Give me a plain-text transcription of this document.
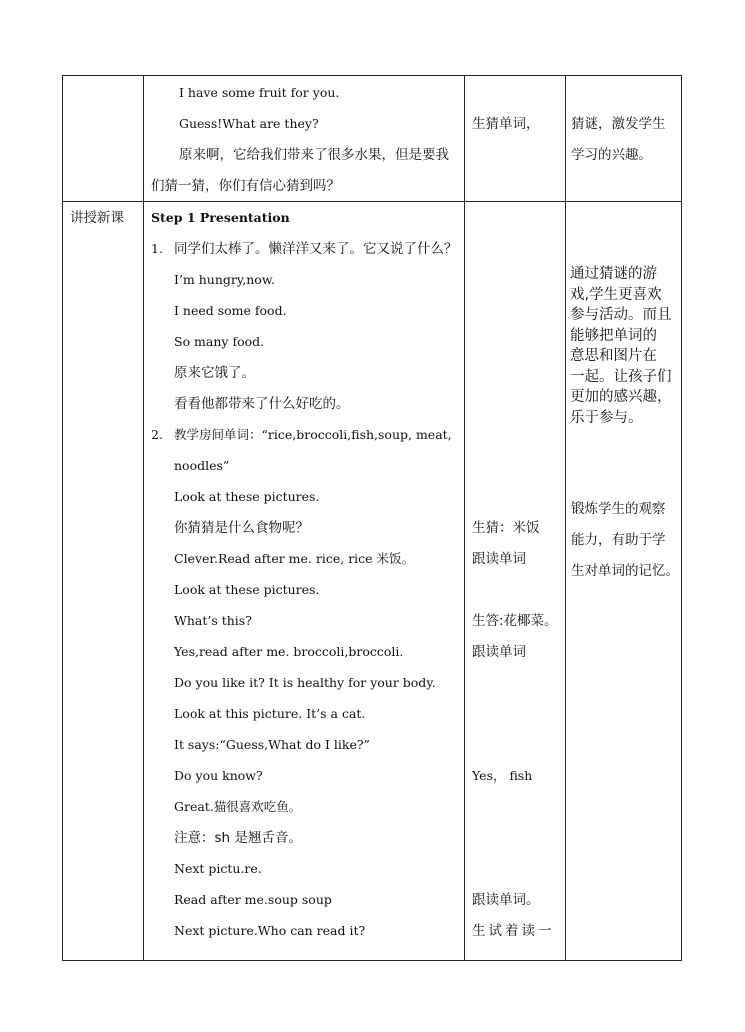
I have some fruit for you.
Guess!What are they?
原来啊，它给我们带来了很多水果，但是要我
们猜一猜，你们有信心猜到吗？
生猜单词， 猜谜，激发学生
学习的兴趣。
讲授新课 Step 1 Presentation
1. 同学们太棒了。懒洋洋又来了。它又说了什么？
I’m hungry,now.
I need some food.
So many food.
原来它饿了。
看看他都带来了什么好吃的。
2. 教学房间单词：“rice,broccoli,fish,soup, meat,
noodles”
Look at these pictures.
你猜猜是什么食物呢？
Clever.Read after me. rice, rice 米饭。
Look at these pictures.
What’s this?
Yes,read after me. broccoli,broccoli.
Do you like it? It is healthy for your body.
Look at this picture. It’s a cat.
It says:“Guess,What do I like?”
Do you know?
Great.猫很喜欢吃鱼。
注意：sh 是翘舌音。
Next pictu.re.
Read after me.soup soup
Next picture.Who can read it?
生猜：米饭
跟读单词
生答:花椰菜。
跟读单词
Yes， fish
跟读单词。
生试着读一
通过猜谜的游
戏,学生更喜欢
参与活动。而且
能够把单词的
意思和图片在
一起。让孩子们
更加的感兴趣，
乐于参与。
锻炼学生的观察
能力，有助于学
生对单词的记忆。
